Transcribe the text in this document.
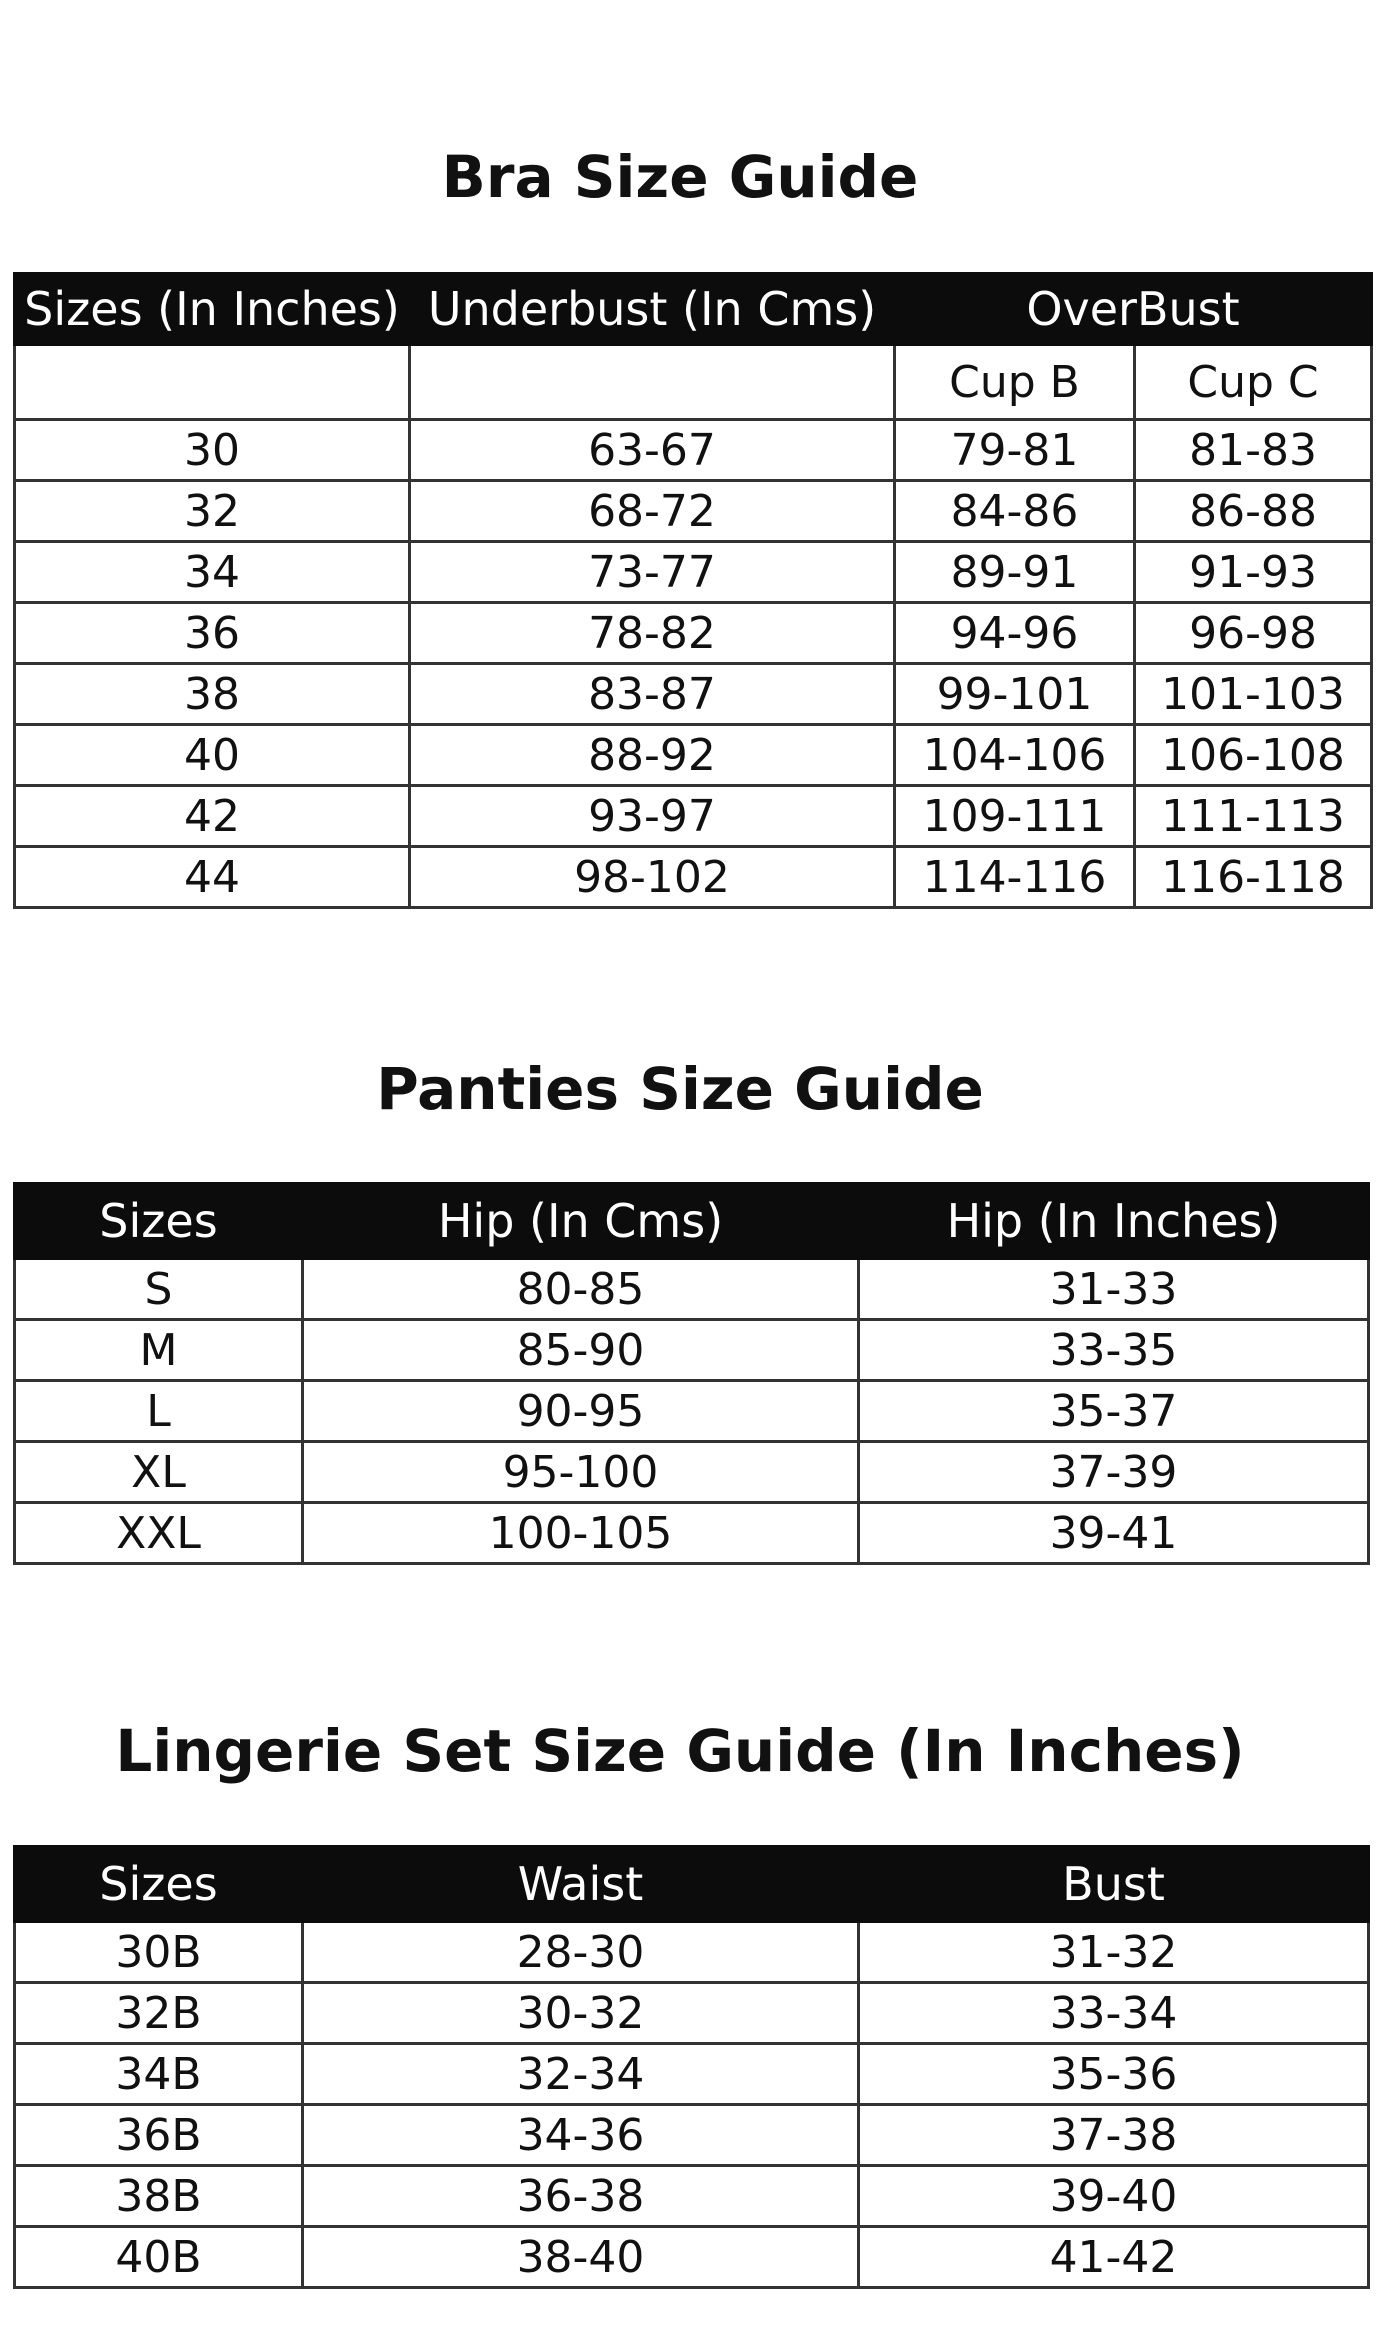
Bra Size Guide
Sizes (In Inches)	Underbust (In Cms)	OverBust	
		Cup B	Cup C
30	63-67	79-81	81-83
32	68-72	84-86	86-88
34	73-77	89-91	91-93
36	78-82	94-96	96-98
38	83-87	99-101	101-103
40	88-92	104-106	106-108
42	93-97	109-111	111-113
44	98-102	114-116	116-118
Panties Size Guide
Sizes	Hip (In Cms)	Hip (In Inches)
S	80-85	31-33
M	85-90	33-35
L	90-95	35-37
XL	95-100	37-39
XXL	100-105	39-41
Lingerie Set Size Guide (In Inches)
Sizes	Waist	Bust
30B	28-30	31-32
32B	30-32	33-34
34B	32-34	35-36
36B	34-36	37-38
38B	36-38	39-40
40B	38-40	41-42
